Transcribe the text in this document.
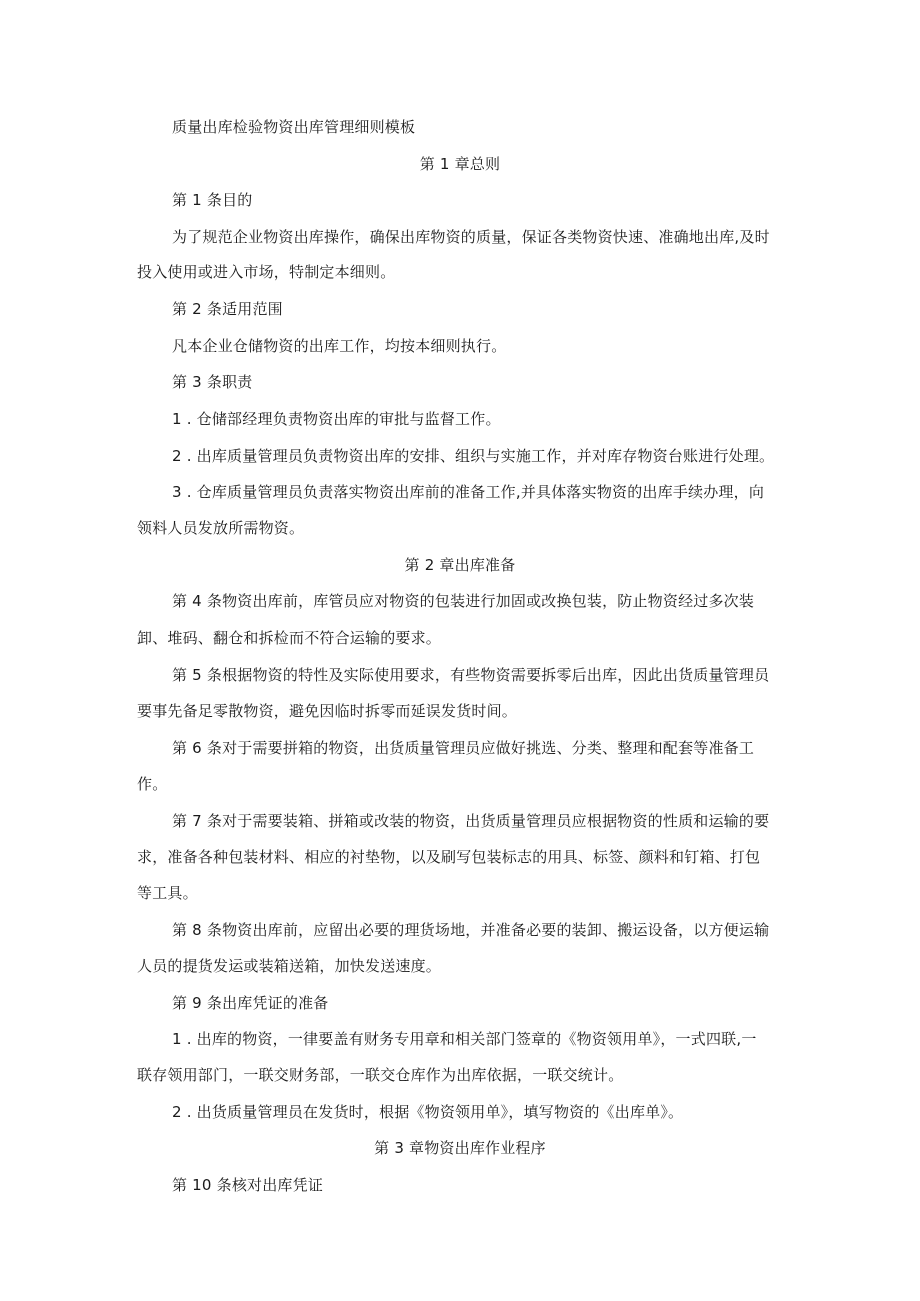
质量出库检验物资出库管理细则模板
第 1 章总则
第 1 条目的
为了规范企业物资出库操作，确保出库物资的质量，保证各类物资快速、准确地出库,及时
投入使用或进入市场，特制定本细则。
第 2 条适用范围
凡本企业仓储物资的出库工作，均按本细则执行。
第 3 条职责
1 . 仓储部经理负责物资出库的审批与监督工作。
2 . 出库质量管理员负责物资出库的安排、组织与实施工作，并对库存物资台账进行处理。
3 . 仓库质量管理员负责落实物资出库前的准备工作,并具体落实物资的出库手续办理，向
领料人员发放所需物资。
第 2 章出库准备
第 4 条物资出库前，库管员应对物资的包装进行加固或改换包装，防止物资经过多次装
卸、堆码、翻仓和拆检而不符合运输的要求。
第 5 条根据物资的特性及实际使用要求，有些物资需要拆零后出库，因此出货质量管理员
要事先备足零散物资，避免因临时拆零而延误发货时间。
第 6 条对于需要拼箱的物资，出货质量管理员应做好挑选、分类、整理和配套等准备工
作。
第 7 条对于需要装箱、拼箱或改装的物资，出货质量管理员应根据物资的性质和运输的要
求，准备各种包装材料、相应的衬垫物，以及刷写包装标志的用具、标签、颜料和钉箱、打包
等工具。
第 8 条物资出库前，应留出必要的理货场地，并准备必要的装卸、搬运设备，以方便运输
人员的提货发运或装箱送箱，加快发送速度。
第 9 条出库凭证的准备
1 . 出库的物资，一律要盖有财务专用章和相关部门签章的《物资领用单》，一式四联,一
联存领用部门，一联交财务部，一联交仓库作为出库依据，一联交统计。
2 . 出货质量管理员在发货时，根据《物资领用单》，填写物资的《出库单》。
第 3 章物资出库作业程序
第 10 条核对出库凭证
